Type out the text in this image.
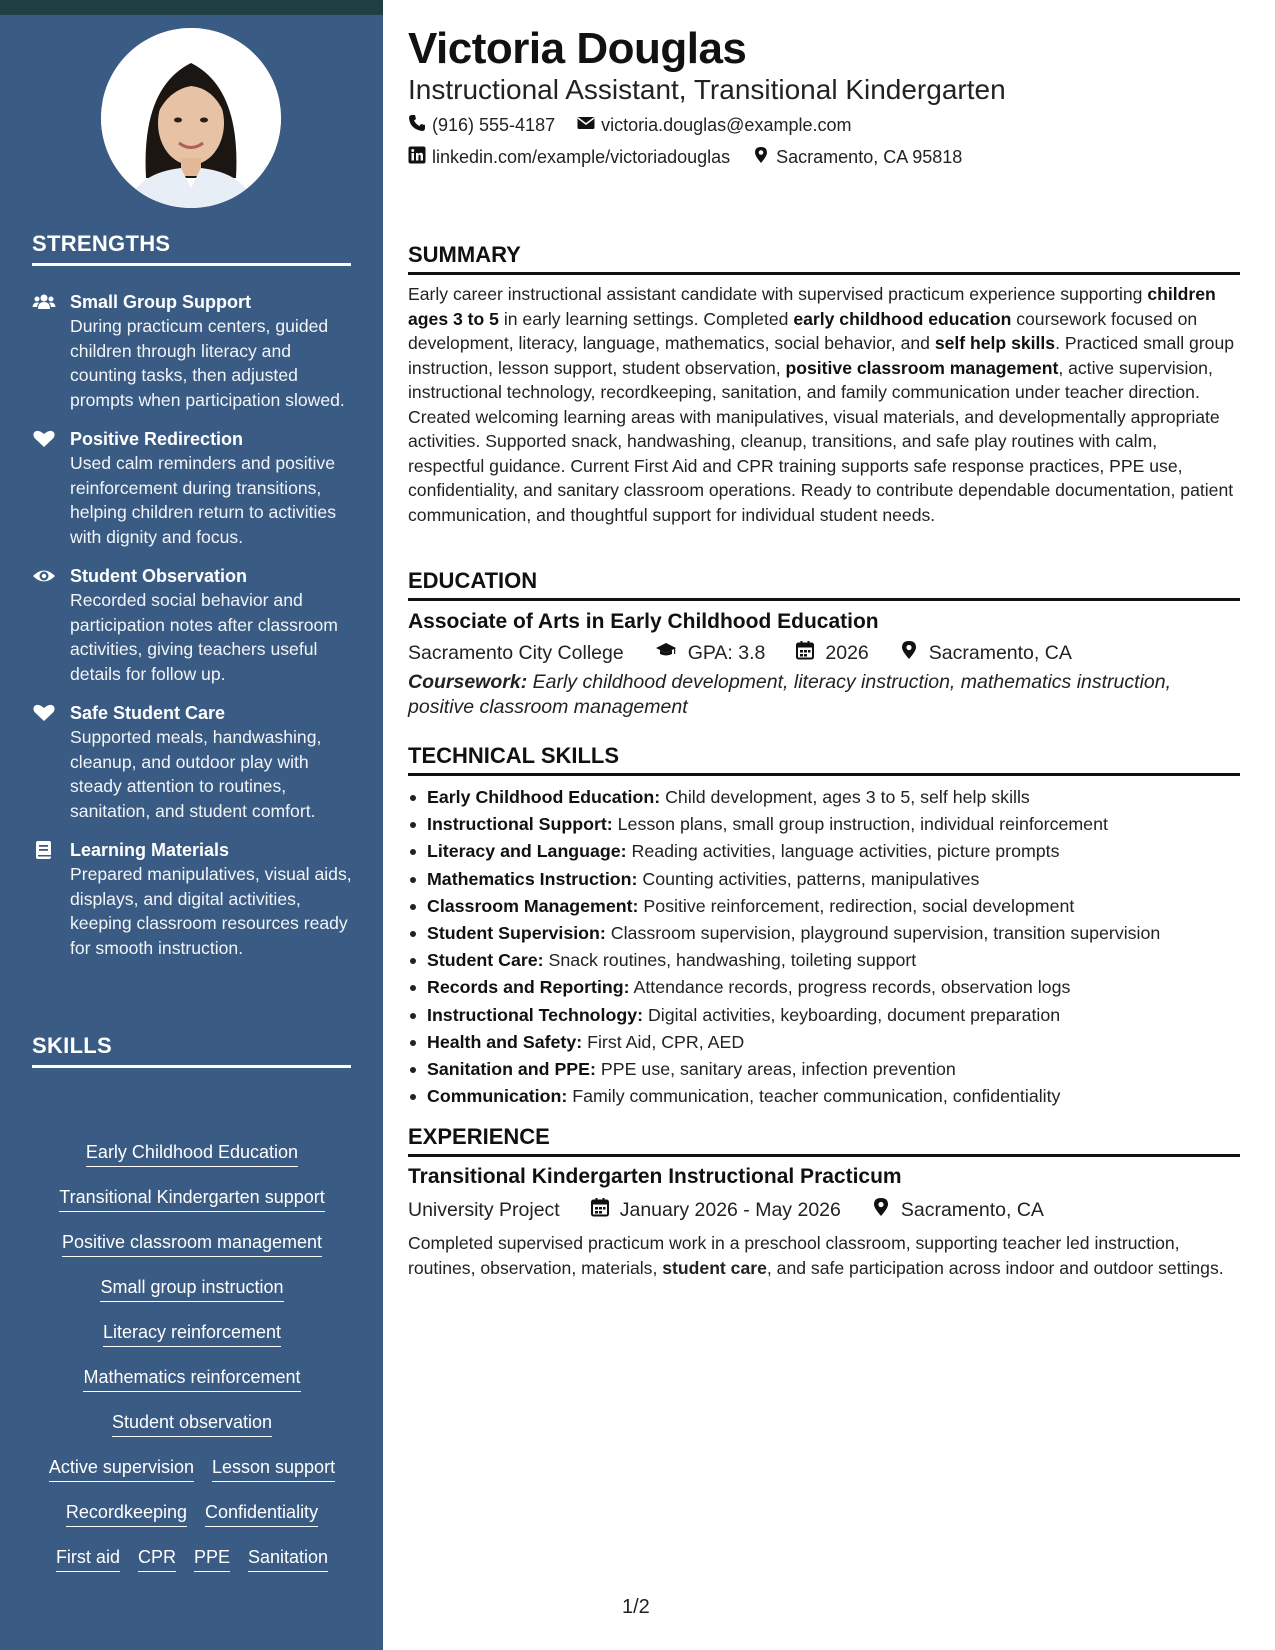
STRENGTHS
Small Group Support
During practicum centers, guided children through literacy and counting tasks, then adjusted prompts when participation slowed.
Positive Redirection
Used calm reminders and positive reinforcement during transitions, helping children return to activities with dignity and focus.
Student Observation
Recorded social behavior and participation notes after classroom activities, giving teachers useful details for follow up.
Safe Student Care
Supported meals, handwashing, cleanup, and outdoor play with steady attention to routines, sanitation, and student comfort.
Learning Materials
Prepared manipulatives, visual aids, displays, and digital activities, keeping classroom resources ready for smooth instruction.
SKILLS
Early Childhood Education
Transitional Kindergarten support
Positive classroom management
Small group instruction
Literacy reinforcement
Mathematics reinforcement
Student observation
Active supervision Lesson support
Recordkeeping Confidentiality
First aid CPR PPE Sanitation
Victoria Douglas
Instructional Assistant, Transitional Kindergarten
(916) 555-4187	victoria.douglas@example.com
linkedin.com/example/victoriadouglas	Sacramento, CA 95818
SUMMARY
Early career instructional assistant candidate with supervised practicum experience supporting children ages 3 to 5 in early learning settings. Completed early childhood education coursework focused on development, literacy, language, mathematics, social behavior, and self help skills. Practiced small group instruction, lesson support, student observation, positive classroom management, active supervision, instructional technology, recordkeeping, sanitation, and family communication under teacher direction. Created welcoming learning areas with manipulatives, visual materials, and developmentally appropriate activities. Supported snack, handwashing, cleanup, transitions, and safe play routines with calm, respectful guidance. Current First Aid and CPR training supports safe response practices, PPE use, confidentiality, and sanitary classroom operations. Ready to contribute dependable documentation, patient communication, and thoughtful support for individual student needs.
EDUCATION
Associate of Arts in Early Childhood Education
Sacramento City College	GPA: 3.8	2026	Sacramento, CA
Coursework: Early childhood development, literacy instruction, mathematics instruction, positive classroom management
TECHNICAL SKILLS
Early Childhood Education: Child development, ages 3 to 5, self help skills
Instructional Support: Lesson plans, small group instruction, individual reinforcement
Literacy and Language: Reading activities, language activities, picture prompts
Mathematics Instruction: Counting activities, patterns, manipulatives
Classroom Management: Positive reinforcement, redirection, social development
Student Supervision: Classroom supervision, playground supervision, transition supervision
Student Care: Snack routines, handwashing, toileting support
Records and Reporting: Attendance records, progress records, observation logs
Instructional Technology: Digital activities, keyboarding, document preparation
Health and Safety: First Aid, CPR, AED
Sanitation and PPE: PPE use, sanitary areas, infection prevention
Communication: Family communication, teacher communication, confidentiality
EXPERIENCE
Transitional Kindergarten Instructional Practicum
University Project	January 2026 - May 2026	Sacramento, CA
Completed supervised practicum work in a preschool classroom, supporting teacher led instruction, routines, observation, materials, student care, and safe participation across indoor and outdoor settings.
1/2
